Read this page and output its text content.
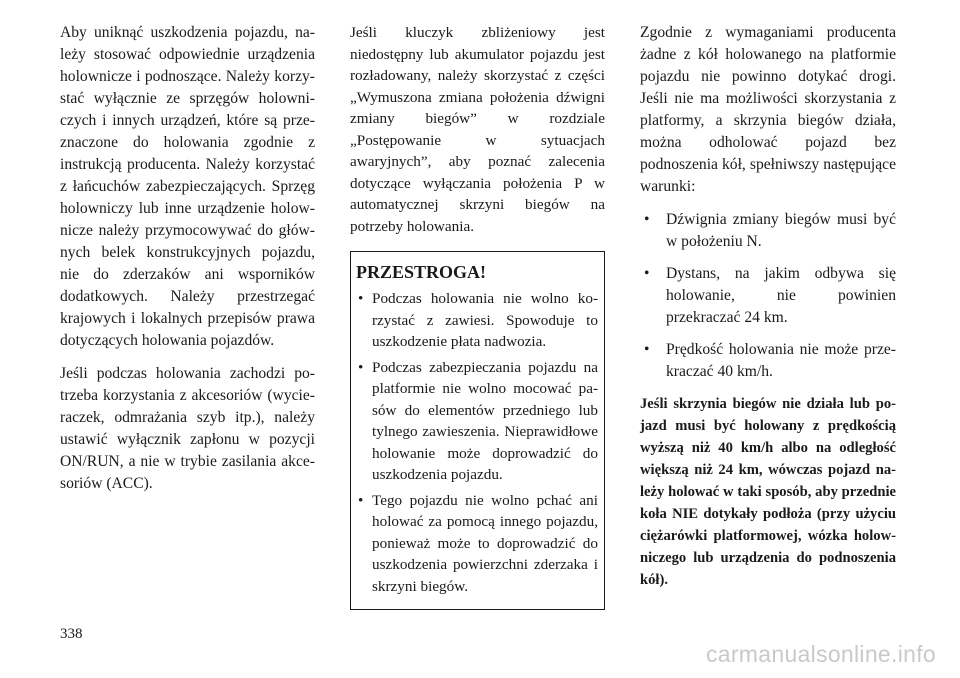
Aby uniknąć uszkodzenia pojazdu, należy stosować odpowiednie urządzenia holownicze i podnoszące. Należy korzystać wyłącznie ze sprzęgów holowniczych i innych urządzeń, które są przeznaczone do holowania zgodnie z instrukcją producenta. Należy korzystać z łańcuchów zabezpieczających. Sprzęg holowniczy lub inne urządzenie holownicze należy przymocowywać do głównych belek konstrukcyjnych pojazdu, nie do zderzaków ani wsporników dodatkowych. Należy przestrzegać krajowych i lokalnych przepisów prawa dotyczących holowania pojazdów.

Jeśli podczas holowania zachodzi potrzeba korzystania z akcesoriów (wycieraczek, odmrażania szyb itp.), należy ustawić wyłącznik zapłonu w pozycji ON/RUN, a nie w trybie zasilania akcesoriów (ACC).

Jeśli kluczyk zbliżeniowy jest niedostępny lub akumulator pojazdu jest rozładowany, należy skorzystać z części „Wymuszona zmiana położenia dźwigni zmiany biegów” w rozdziale „Postępowanie w sytuacjach awaryjnych”, aby poznać zalecenia dotyczące wyłączania położenia P w automatycznej skrzyni biegów na potrzeby holowania.

PRZESTROGA!
• Podczas holowania nie wolno korzystać z zawiesi. Spowoduje to uszkodzenie płata nadwozia.
• Podczas zabezpieczania pojazdu na platformie nie wolno mocować pasów do elementów przedniego lub tylnego zawieszenia. Nieprawidłowe holowanie może doprowadzić do uszkodzenia pojazdu.
• Tego pojazdu nie wolno pchać ani holować za pomocą innego pojazdu, ponieważ może to doprowadzić do uszkodzenia powierzchni zderzaka i skrzyni biegów.

Zgodnie z wymaganiami producenta żadne z kół holowanego na platformie pojazdu nie powinno dotykać drogi. Jeśli nie ma możliwości skorzystania z platformy, a skrzynia biegów działa, można odholować pojazd bez podnoszenia kół, spełniwszy następujące warunki:

• Dźwignia zmiany biegów musi być w położeniu N.
• Dystans, na jakim odbywa się holowanie, nie powinien przekraczać 24 km.
• Prędkość holowania nie może przekraczać 40 km/h.

Jeśli skrzynia biegów nie działa lub pojazd musi być holowany z prędkością wyższą niż 40 km/h albo na odległość większą niż 24 km, wówczas pojazd należy holować w taki sposób, aby przednie koła NIE dotykały podłoża (przy użyciu ciężarówki platformowej, wózka holowniczego lub urządzenia do podnoszenia kół).

338
carmanualsonline.info
